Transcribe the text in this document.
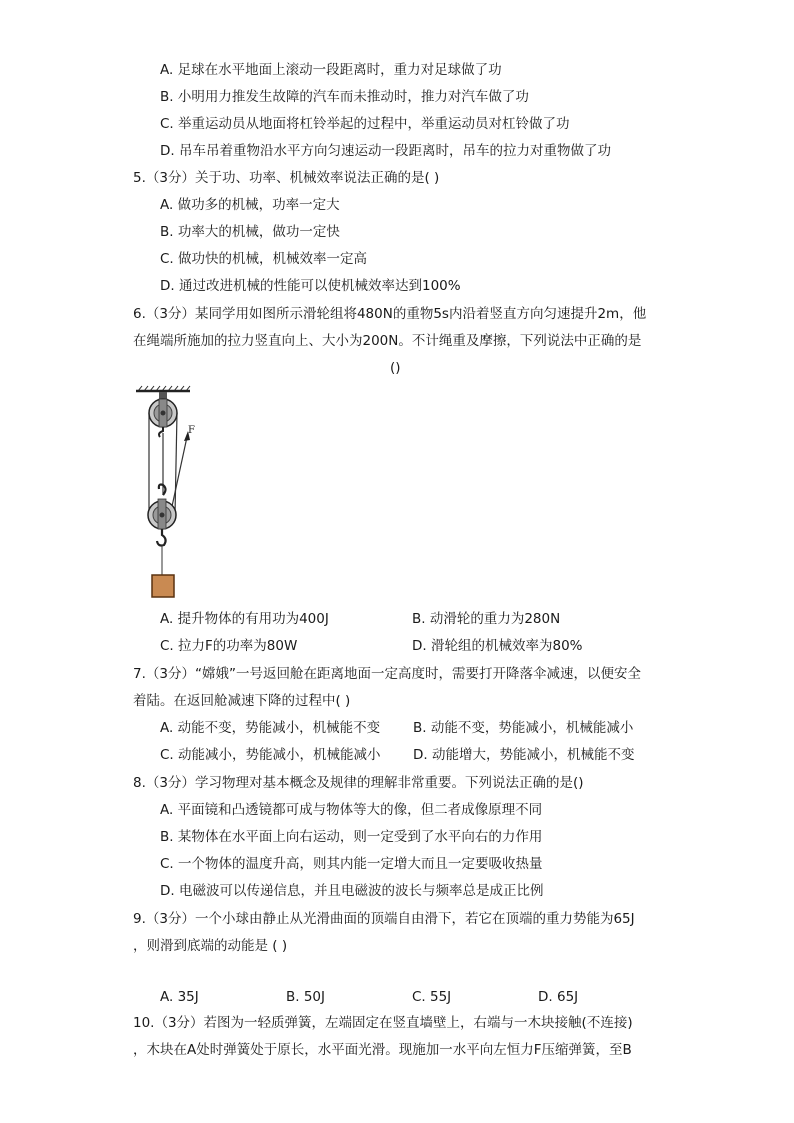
A. 足球在水平地面上滚动一段距离时，重力对足球做了功
B. 小明用力推发生故障的汽车而未推动时，推力对汽车做了功
C. 举重运动员从地面将杠铃举起的过程中，举重运动员对杠铃做了功
D. 吊车吊着重物沿水平方向匀速运动一段距离时，吊车的拉力对重物做了功
5.（3分）关于功、功率、机械效率说法正确的是( )
A. 做功多的机械，功率一定大
B. 功率大的机械，做功一定快
C. 做功快的机械，机械效率一定高
D. 通过改进机械的性能可以使机械效率达到100%
6.（3分）某同学用如图所示滑轮组将480N的重物5s内沿着竖直方向匀速提升2m，他
在绳端所施加的拉力竖直向上、大小为200N。不计绳重及摩擦，下列说法中正确的是
()
F
A. 提升物体的有用功为400J	B. 动滑轮的重力为280N
C. 拉力F的功率为80W	D. 滑轮组的机械效率为80%
7.（3分）“嫦娥”一号返回舱在距离地面一定高度时，需要打开降落伞减速，以便安全
着陆。在返回舱减速下降的过程中( )
A. 动能不变，势能减小，机械能不变 B. 动能不变，势能减小，机械能减小
C. 动能减小，势能减小，机械能减小 D. 动能增大，势能减小，机械能不变
8.（3分）学习物理对基本概念及规律的理解非常重要。下列说法正确的是()
A. 平面镜和凸透镜都可成与物体等大的像，但二者成像原理不同
B. 某物体在水平面上向右运动，则一定受到了水平向右的力作用
C. 一个物体的温度升高，则其内能一定增大而且一定要吸收热量
D. 电磁波可以传递信息，并且电磁波的波长与频率总是成正比例
9.（3分）一个小球由静止从光滑曲面的顶端自由滑下，若它在顶端的重力势能为65J
，则滑到底端的动能是 ( )
A. 35J	B. 50J	C. 55J	D. 65J
10.（3分）若图为一轻质弹簧，左端固定在竖直墙壁上，右端与一木块接触(不连接)
，木块在A处时弹簧处于原长，水平面光滑。现施加一水平向左恒力F压缩弹簧，至B
